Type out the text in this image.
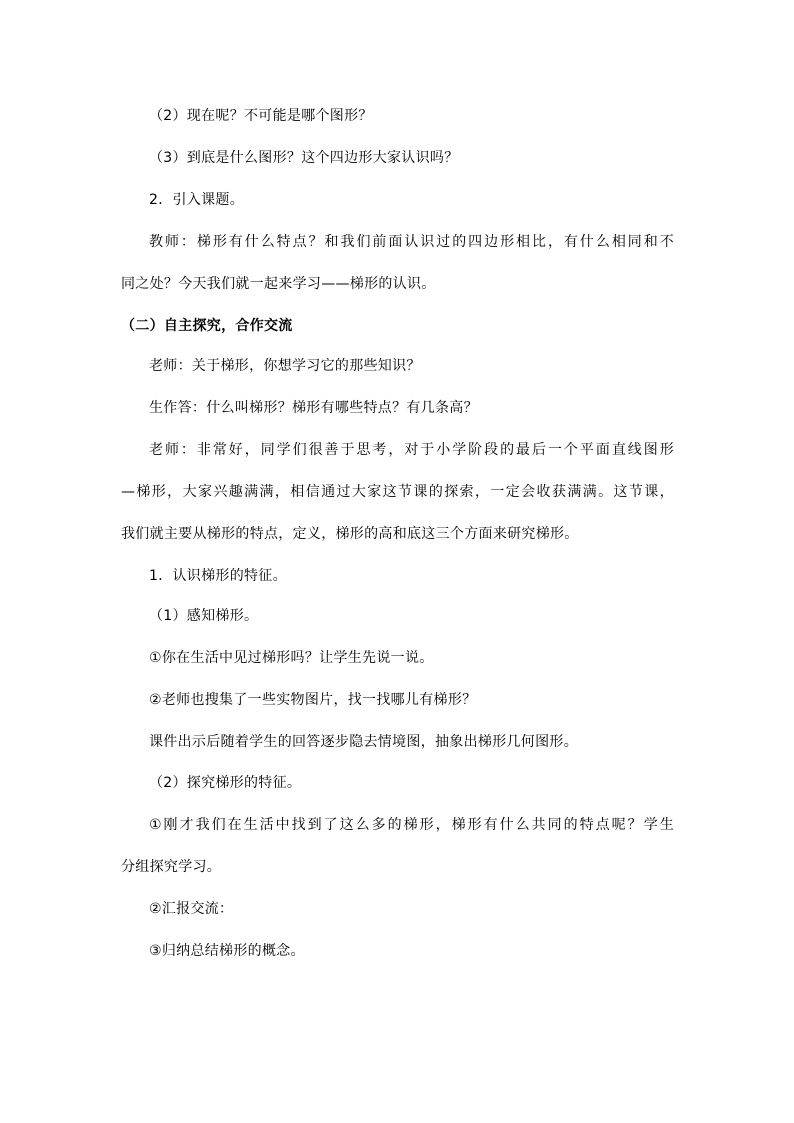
（2）现在呢？不可能是哪个图形？
（3）到底是什么图形？这个四边形大家认识吗？
2．引入课题。
教师：梯形有什么特点？和我们前面认识过的四边形相比，有什么相同和不
同之处？今天我们就一起来学习——梯形的认识。
（二）自主探究，合作交流
老师：关于梯形，你想学习它的那些知识？
生作答：什么叫梯形？梯形有哪些特点？有几条高？
老师：非常好，同学们很善于思考，对于小学阶段的最后一个平面直线图形
—梯形，大家兴趣满满，相信通过大家这节课的探索，一定会收获满满。这节课，
我们就主要从梯形的特点，定义，梯形的高和底这三个方面来研究梯形。
1．认识梯形的特征。
（1）感知梯形。
①你在生活中见过梯形吗？让学生先说一说。
②老师也搜集了一些实物图片，找一找哪儿有梯形？
课件出示后随着学生的回答逐步隐去情境图，抽象出梯形几何图形。
（2）探究梯形的特征。
①刚才我们在生活中找到了这么多的梯形，梯形有什么共同的特点呢？学生
分组探究学习。
②汇报交流：
③归纳总结梯形的概念。
